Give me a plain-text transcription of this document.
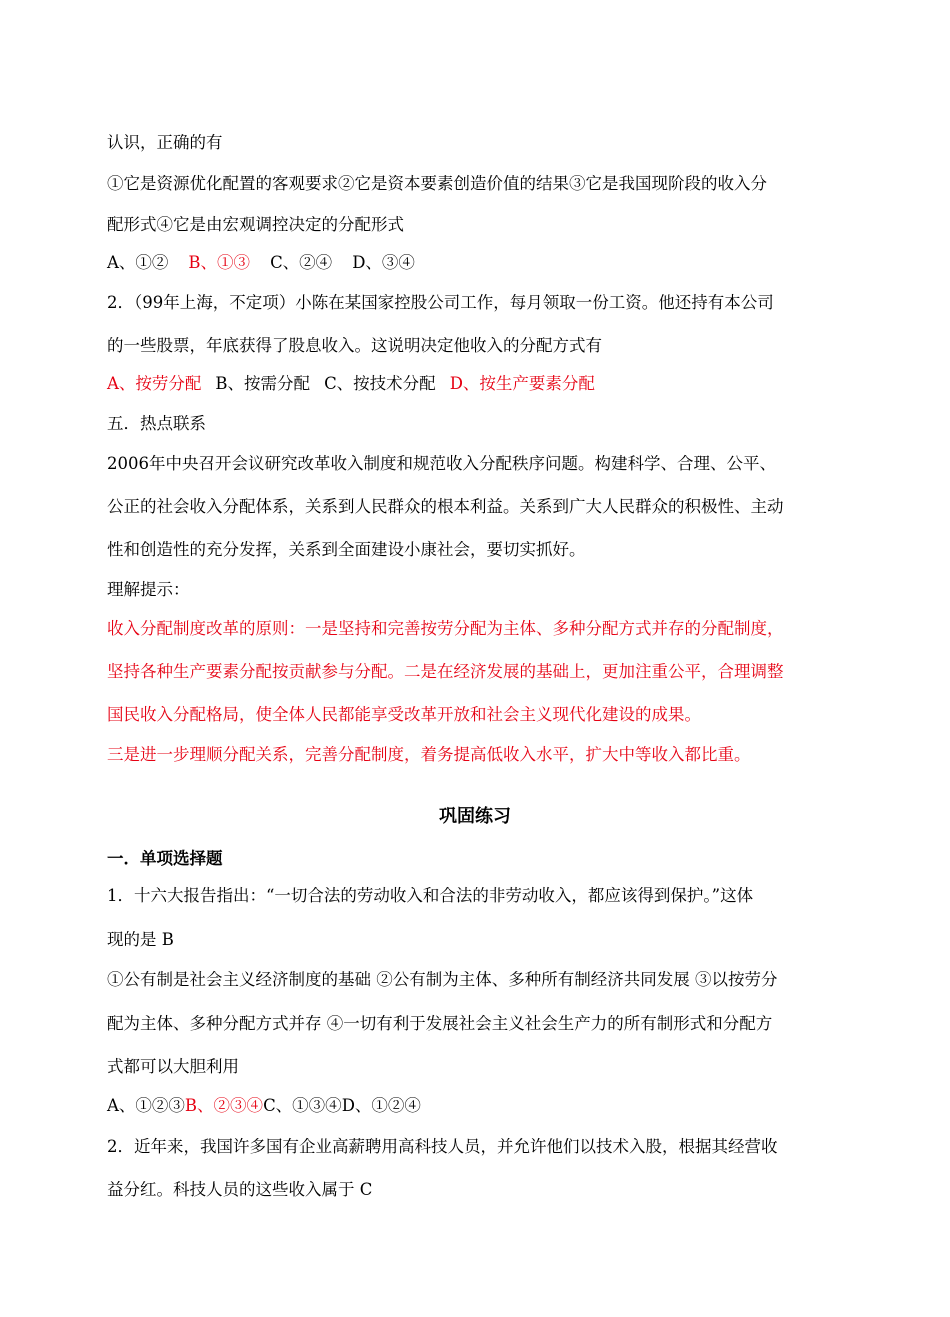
认识，正确的有
①它是资源优化配置的客观要求②它是资本要素创造价值的结果③它是我国现阶段的收入分
配形式④它是由宏观调控决定的分配形式
A、①② B、①③ C、②④ D、③④
2．（99年上海，不定项）小陈在某国家控股公司工作，每月领取一份工资。他还持有本公司
的一些股票，年底获得了股息收入。这说明决定他收入的分配方式有
A、按劳分配 B、按需分配 C、按技术分配 D、按生产要素分配
五．热点联系
2006年中央召开会议研究改革收入制度和规范收入分配秩序问题。构建科学、合理、公平、
公正的社会收入分配体系，关系到人民群众的根本利益。关系到广大人民群众的积极性、主动
性和创造性的充分发挥，关系到全面建设小康社会，要切实抓好。
理解提示：
收入分配制度改革的原则：一是坚持和完善按劳分配为主体、多种分配方式并存的分配制度，
坚持各种生产要素分配按贡献参与分配。二是在经济发展的基础上，更加注重公平，合理调整
国民收入分配格局，使全体人民都能享受改革开放和社会主义现代化建设的成果。
三是进一步理顺分配关系，完善分配制度，着务提高低收入水平，扩大中等收入都比重。
巩固练习
一．单项选择题
1．十六大报告指出：“一切合法的劳动收入和合法的非劳动收入，都应该得到保护。”这体
现的是 B
①公有制是社会主义经济制度的基础 ②公有制为主体、多种所有制经济共同发展 ③以按劳分
配为主体、多种分配方式并存 ④一切有利于发展社会主义社会生产力的所有制形式和分配方
式都可以大胆利用
A、①②③B、②③④C、①③④D、①②④
2．近年来，我国许多国有企业高薪聘用高科技人员，并允许他们以技术入股，根据其经营收
益分红。科技人员的这些收入属于 C
